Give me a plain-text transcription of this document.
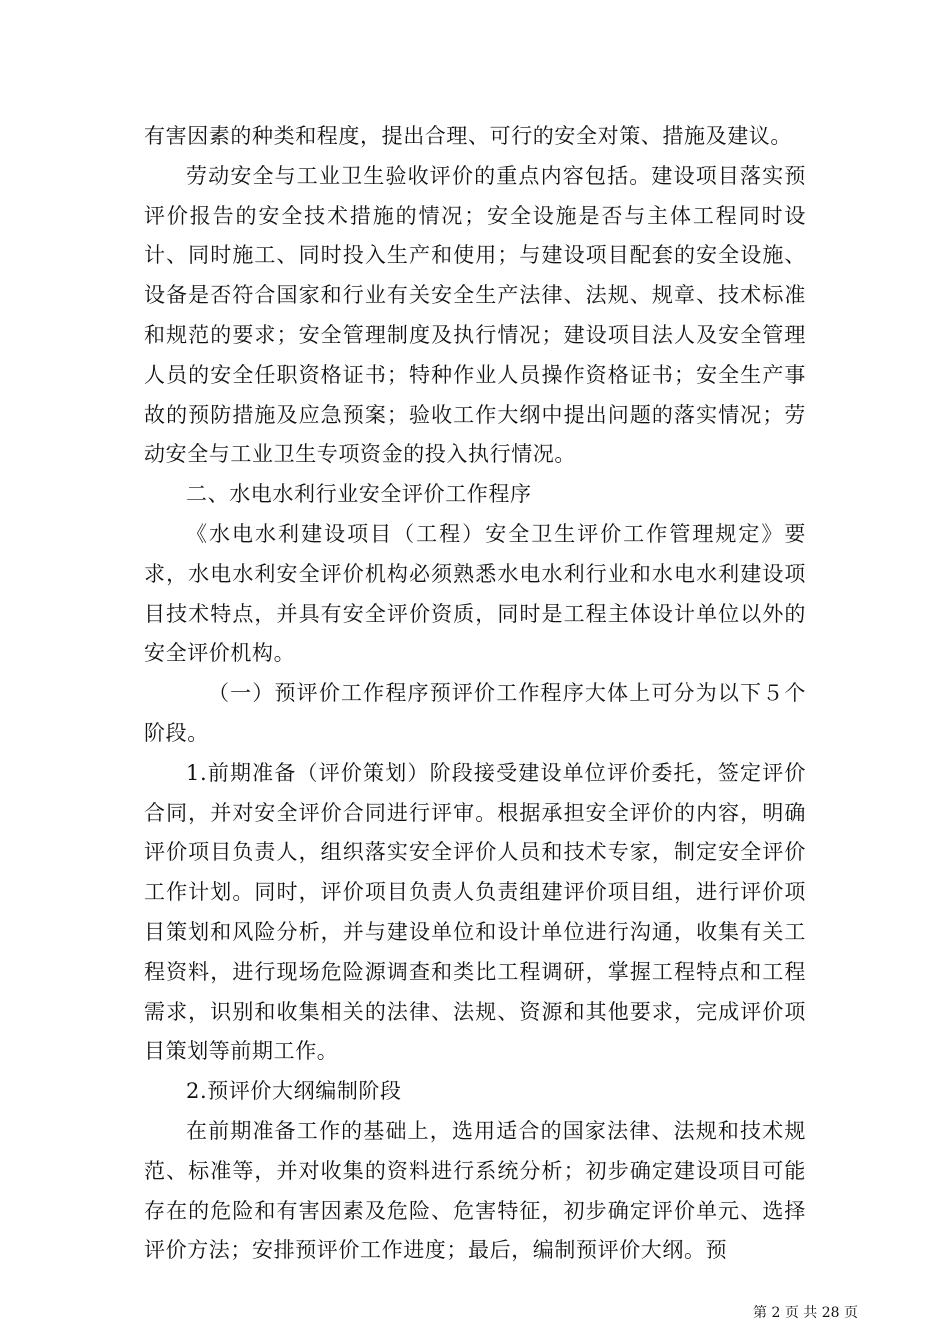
有害因素的种类和程度，提出合理、可行的安全对策、措施及建议。

劳动安全与工业卫生验收评价的重点内容包括。建设项目落实预评价报告的安全技术措施的情况；安全设施是否与主体工程同时设计、同时施工、同时投入生产和使用；与建设项目配套的安全设施、设备是否符合国家和行业有关安全生产法律、法规、规章、技术标准和规范的要求；安全管理制度及执行情况；建设项目法人及安全管理人员的安全任职资格证书；特种作业人员操作资格证书；安全生产事故的预防措施及应急预案；验收工作大纲中提出问题的落实情况；劳动安全与工业卫生专项资金的投入执行情况。

二、水电水利行业安全评价工作程序

《水电水利建设项目（工程）安全卫生评价工作管理规定》要求，水电水利安全评价机构必须熟悉水电水利行业和水电水利建设项目技术特点，并具有安全评价资质，同时是工程主体设计单位以外的安全评价机构。

（一）预评价工作程序预评价工作程序大体上可分为以下５个阶段。

1.前期准备（评价策划）阶段接受建设单位评价委托，签定评价合同，并对安全评价合同进行评审。根据承担安全评价的内容，明确评价项目负责人，组织落实安全评价人员和技术专家，制定安全评价工作计划。同时，评价项目负责人负责组建评价项目组，进行评价项目策划和风险分析，并与建设单位和设计单位进行沟通，收集有关工程资料，进行现场危险源调查和类比工程调研，掌握工程特点和工程需求，识别和收集相关的法律、法规、资源和其他要求，完成评价项目策划等前期工作。

2.预评价大纲编制阶段

在前期准备工作的基础上，选用适合的国家法律、法规和技术规范、标准等，并对收集的资料进行系统分析；初步确定建设项目可能存在的危险和有害因素及危险、危害特征，初步确定评价单元、选择评价方法；安排预评价工作进度；最后，编制预评价大纲。预

第 2 页 共 28 页
